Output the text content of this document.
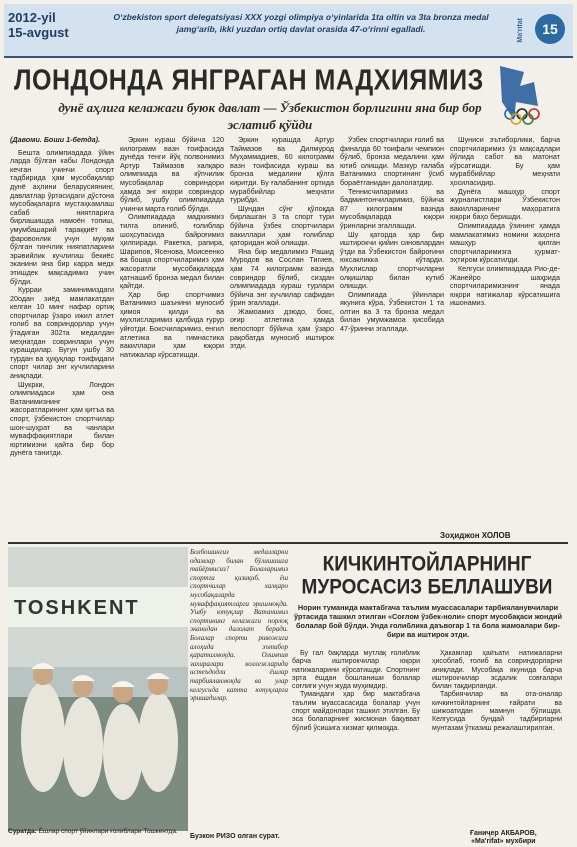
2012-yil
15-avgust
O‘zbekiston sport delegatsiyasi XXX yozgi olimpiya o‘yinlarida 1ta oltin va 3ta bronza medal jamg‘arib, ikki yuzdan ortiq davlat orasida 47-o‘rinni egalladi.	Ma'rifat	15
ЛОНДОНДА ЯНГРАГАН МАДХИЯМИЗ
дунё аҳлига келажаги буюк давлат — Ўзбекистон борлигини яна бир бор эслатиб қўйди

(Давоми. Боши 1-бетда).

Бешта олимпиадада ўйин ларда бўлган кабы Лондонда кечган учинчи спорт тадбирида ҳам мусобақалар дунё аҳлини беларусиянинг, давлатлар ўртасидаги дўстона мусобақаларга мустаҳкамлаш сабаб ниятларига бирлашишда намоён топиш, умумбашарий тараққиёт ва фаровонлик учун муҳим бўлган тинчлик нияпатларини эрәвийлик кучлигиш бекиёс эканини яна бир карра медх этишдек мақсадимиз учин бўлди.

Курраи заминимиздаги 20одан зиёд мамлакатдан келган 10 минг нафар ортиқ спортчилар ўзаро ижил атлет ғолиб ва совриндорлар учун ўтадиган 302та медалдан меҳнатдан совринлари учун курашдилар. Бугун ушбу 30 турдан ва ҳуқуқлар тоифидаги спорт чилар энг кучлиларини аниқлади.

Шукрки, Лондон олимпиадаси ҳам она Ватанимизнинг жасоратларининг ҳам қитъа ва спорт, ўзбекистон спортчилар шон-шуҳрат ва чанлари муваффақиятлари билан юртимизни қайта бир бор дунёга танитди.

Эркин кураш бўйича 120 килограмм вазн тоифасида дунёда тенги йўқ полвонимиз Артур Таймазов халқаро олимпиада ва кўпчилик мусобақалар совриндори ҳамда энг юқори совриндор бўлиб, ушбу олимпиадада учинчи марта ғолиб бўлди.

Олимпиадада мадхиямиз тилга олиниб, ғолиблар шоҳсупасида байроғимиз ҳилпиради. Ракетка, рапира, Шарипов, Ясенова, Моисеенко ва бошқа спортчиларимиз ҳам жасоратли мусобақаларда қатнашиб бронза медал билан қайтди.

Ҳар бир спортчимиз Ватанимиз шаънини муносиб ҳимоя қилди ва мухлисларимиз қалбида ғурур уйғотди. Боксчиларимиз, енгил атлетика ва гимнастика вакиллари ҳам юқори натижалар кўрсатишди.

Эркин курашда Артур Таймазов ва Дилмурод Муҳаммадиев, 60 килограмм вазн тоифасида кураш ва бронза медалини қўлга киритди. Бу ғалабанинг ортида мураббийлар меҳнати турибди.

Шундан сўнг қўлоқда бирлашган 3 та спорт тури бўйича ўзбек спортчилари вакиллари ҳам ғолиблар қаторидан жой олишди.

Яна бир медалимиз Рашид Муродов ва Сослан Тигиев, ҳам 74 килограмм вазнда совриндор бўлиб, сиздан олимпиадада кураш турлари бўйича энг кучлилар сафидан ўрин эгаллади.

Жамоамиз дзюдо, бокс, оғир атлетика ҳамда велоспорт бўйича ҳам ўзаро рақобатда муносиб иштирок этди.

Ўзбек спортчилари ғолиб ва финалда 60 тоифали чемпион бўлиб, бронза медалини ҳам ютиб олишди. Мазкур ғалаба Ватанимиз спортининг ўсиб бораётганидан далолатдир.

Теннисчиларимиз ва бадминтончиларимиз, бўйича 87 килограмм вазнда мусобақаларда юқори ўринларни эгаллашди.

Шу қаторда ҳар бир иштирокчи қийин синовлардан ўтди ва Ўзбекистон байроғини юксакликка кўтарди. Мухлислар спортчиларни олқишлар билан кутиб олишди.

Олимпиада ўйинлари якунига кўра, Ўзбекистон 1 та олтин ва 3 та бронза медал билан умумжамоа ҳисобида 47-ўринни эгаллади.

Шуниси эътиборлики, барча спортчиларимиз ўз мақсадлари йўлида сабот ва матонат кўрсатишди. Бу ҳам мураббийлар меҳнати ҳосиласидир.

Дунёга машҳур спорт журналистлари Ўзбекистон вакилларининг маҳоратига юқори баҳо беришди.

Олимпиадада ўзининг ҳамда мамлакатимиз номини жаҳонга машҳур қилган спортчиларимизга ҳурмат-эҳтиром кўрсатилди.

Келгуси олимпиадада Рио-де-Жанейро шаҳрида спортчиларимизнинг янада юқори натижалар кўрсатишига ишонамиз.

Зоҳиджон ХОЛОВ
TOSHKENT
Болбошингиз медалларни одамлар билан бўлишишга тайёрмисиз? Болаларимиз спортга қизиқиб, ёш спортчилар халқаро мусобақаларда муваффақиятларга эришмоқда. Ушбу ютуқлар Ватанимиз спортининг келажаги порлоқ эканидан далолат беради. Болалар спорти ривожига алоҳида эътибор қаратилмоқда. Олимпия захиралари коллежларида истеъдодли ёшлар тарбияланмоқда ва улар келгусида катта ютуқларга эришадилар.
Суратда: Ёшлар спорт ўйинлари ғолиблари Тошкентда.
Бузкон РИЗО олган сурат.
КИЧКИНТОЙЛАРНИНГ МУРОСАСИЗ БЕЛЛАШУВИ
Норин туманида мактабгача таълим муассасалари тарбияланувчилари ўртасида ташкил этилган «Соғлом ўзбек-ноли» спорт мусобақаси жондий болалар бой бўлди. Унда ғолиблика даъвогар 1 та бола жамоалари бир-бири ва иштирок этди.

Бу гал бақларда мутлақ ғолиблик барча иштирокчилар юқори натижаларини кўрсатишди. Спортнинг эрта ёшдан бошланиши болалар соғлиги учун жуда муҳимдир.

Тумандаги ҳар бир мактабгача таълим муассасасида болалар учун спорт майдонлари ташкил этилган. Бу эса болаларнинг жисмонан бақувват бўлиб ўсишига хизмат қилмоқда.

Ҳакамлар ҳайъати натижаларни ҳисоблаб, ғолиб ва совриндорларни аниқлади. Мусобақа якунида барча иштирокчилар эсдалик совғалари билан тақдирланди.

Тарбиячилар ва ота-оналар кичкинтойларнинг ғайрати ва шижоатидан мамнун бўлишди. Келгусида бундай тадбирларни мунтазам ўтказиш режалаштирилган.

Ғаниҷер АКБАРОВ,
«Ma'rifat» мухбири
